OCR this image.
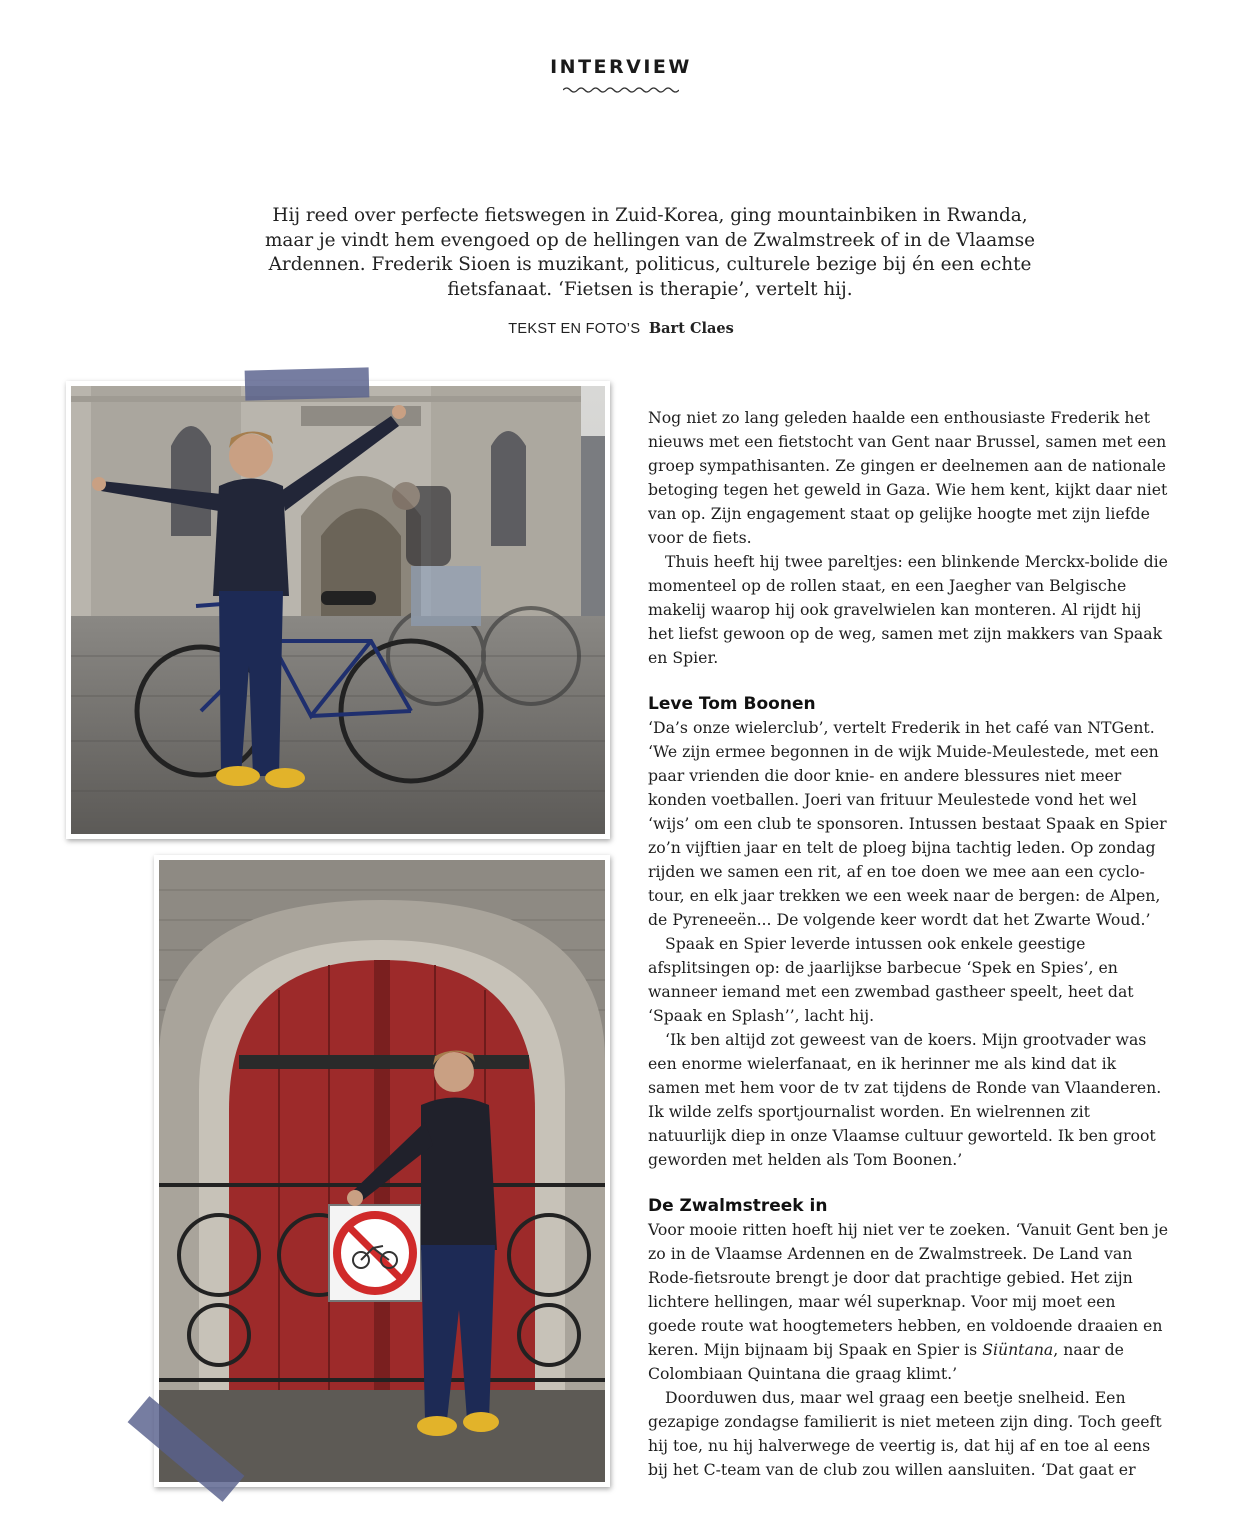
INTERVIEW
Hij reed over perfecte fietswegen in Zuid-Korea, ging mountainbiken in Rwanda, maar je vindt hem evengoed op de hellingen van de Zwalmstreek of in de Vlaamse Ardennen. Frederik Sioen is muzikant, politicus, culturele bezige bij én een echte fietsfanaat. ‘Fietsen is therapie’, vertelt hij.
TEKST EN FOTO’S Bart Claes

Nog niet zo lang geleden haalde een enthousiaste Frederik het nieuws met een fietstocht van Gent naar Brussel, samen met een groep sympathisanten. Ze gingen er deelnemen aan de nationale betoging tegen het geweld in Gaza. Wie hem kent, kijkt daar niet van op. Zijn engagement staat op gelijke hoogte met zijn liefde voor de fiets.

Thuis heeft hij twee pareltjes: een blinkende Merckx-bolide die momenteel op de rollen staat, en een Jaegher van Belgische makelij waarop hij ook gravelwielen kan monteren. Al rijdt hij het liefst gewoon op de weg, samen met zijn makkers van Spaak en Spier.

Leve Tom Boonen

‘Da’s onze wielerclub’, vertelt Frederik in het café van NTGent. ‘We zijn ermee begonnen in de wijk Muide-Meulestede, met een paar vrienden die door knie- en andere blessures niet meer konden voetballen. Joeri van frituur Meulestede vond het wel ‘wijs’ om een club te sponsoren. Intussen bestaat Spaak en Spier zo’n vijftien jaar en telt de ploeg bijna tachtig leden. Op zondag rijden we samen een rit, af en toe doen we mee aan een cyclo-tour, en elk jaar trekken we een week naar de bergen: de Alpen, de Pyreneeën... De volgende keer wordt dat het Zwarte Woud.’

Spaak en Spier leverde intussen ook enkele geestige afsplitsingen op: de jaarlijkse barbecue ‘Spek en Spies’, en wanneer iemand met een zwembad gastheer speelt, heet dat ‘Spaak en Splash’’, lacht hij.

‘Ik ben altijd zot geweest van de koers. Mijn grootvader was een enorme wielerfanaat, en ik herinner me als kind dat ik samen met hem voor de tv zat tijdens de Ronde van Vlaanderen. Ik wilde zelfs sportjournalist worden. En wielrennen zit natuurlijk diep in onze Vlaamse cultuur geworteld. Ik ben groot geworden met helden als Tom Boonen.’

De Zwalmstreek in

Voor mooie ritten hoeft hij niet ver te zoeken. ‘Vanuit Gent ben je zo in de Vlaamse Ardennen en de Zwalmstreek. De Land van Rode-fietsroute brengt je door dat prachtige gebied. Het zijn lichtere hellingen, maar wél superknap. Voor mij moet een goede route wat hoogtemeters hebben, en voldoende draaien en keren. Mijn bijnaam bij Spaak en Spier is Siüntana, naar de Colombiaan Quintana die graag klimt.’

Doorduwen dus, maar wel graag een beetje snelheid. Een gezapige zondagse familierit is niet meteen zijn ding. Toch geeft hij toe, nu hij halverwege de veertig is, dat hij af en toe al eens bij het C-team van de club zou willen aansluiten. ‘Dat gaat er
